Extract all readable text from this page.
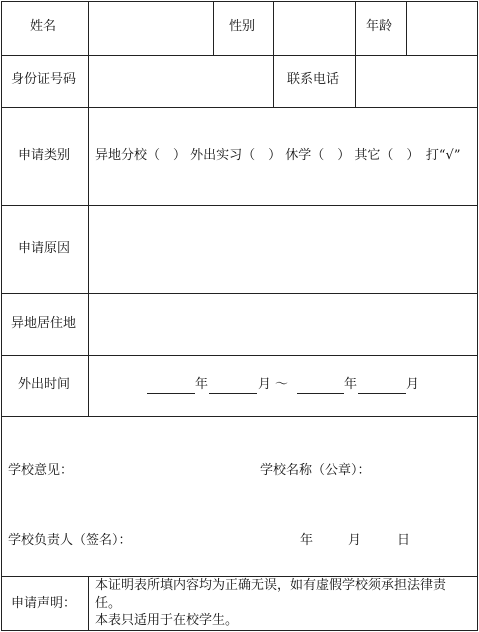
姓名	性别	年龄
身份证号码	联系电话
申请类别 异地分校（　） 外出实习（　） 休学（　） 其它（　）　打“√”
申请原因
异地居住地
外出时间	年	月 ～	年	月
学校意见：	学校名称（公章）：
学校负责人（签名）：	年	月	日
申请声明：
本证明表所填内容均为正确无误，如有虚假学校须承担法律责
任。
本表只适用于在校学生。
